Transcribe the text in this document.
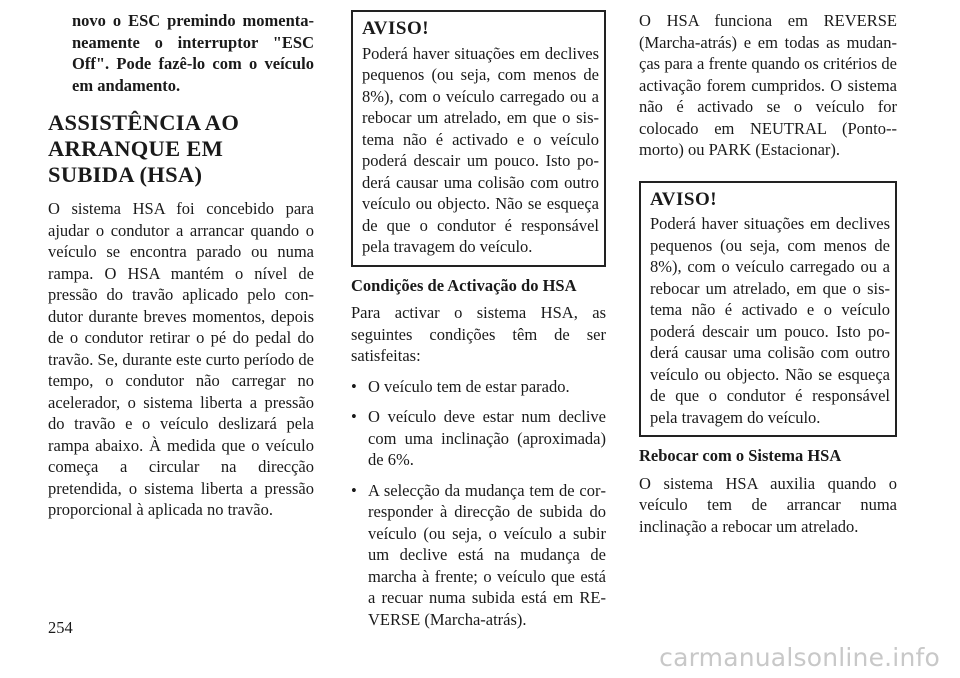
novo o ESC premindo momentaneamente o interruptor "ESC Off". Pode fazê-lo com o veículo em andamento.

ASSISTÊNCIA AO ARRANQUE EM SUBIDA (HSA)

O sistema HSA foi concebido para ajudar o condutor a arrancar quando o veículo se encontra parado ou numa rampa. O HSA mantém o nível de pressão do travão aplicado pelo condutor durante breves momentos, depois de o condutor retirar o pé do pedal do travão. Se, durante este curto período de tempo, o condutor não carregar no acelerador, o sistema liberta a pressão do travão e o veículo deslizará pela rampa abaixo. À medida que o veículo começa a circular na direcção pretendida, o sistema liberta a pressão proporcional à aplicada no travão.

AVISO!

Poderá haver situações em declives pequenos (ou seja, com menos de 8%), com o veículo carregado ou a rebocar um atrelado, em que o sistema não é activado e o veículo poderá descair um pouco. Isto poderá causar uma colisão com outro veículo ou objecto. Não se esqueça de que o condutor é responsável pela travagem do veículo.

Condições de Activação do HSA

Para activar o sistema HSA, as seguintes condições têm de ser satisfeitas:

• O veículo tem de estar parado.
• O veículo deve estar num declive com uma inclinação (aproximada) de 6%.
• A selecção da mudança tem de corresponder à direcção de subida do veículo (ou seja, o veículo a subir um declive está na mudança de marcha à frente; o veículo que está a recuar numa subida está em REVERSE (Marcha-atrás).

O HSA funciona em REVERSE (Marcha-atrás) e em todas as mudanças para a frente quando os critérios de activação forem cumpridos. O sistema não é activado se o veículo for colocado em NEUTRAL (Ponto--morto) ou PARK (Estacionar).

AVISO!

Poderá haver situações em declives pequenos (ou seja, com menos de 8%), com o veículo carregado ou a rebocar um atrelado, em que o sistema não é activado e o veículo poderá descair um pouco. Isto poderá causar uma colisão com outro veículo ou objecto. Não se esqueça de que o condutor é responsável pela travagem do veículo.

Rebocar com o Sistema HSA

O sistema HSA auxilia quando o veículo tem de arrancar numa inclinação a rebocar um atrelado.

254
carmanualsonline.info
